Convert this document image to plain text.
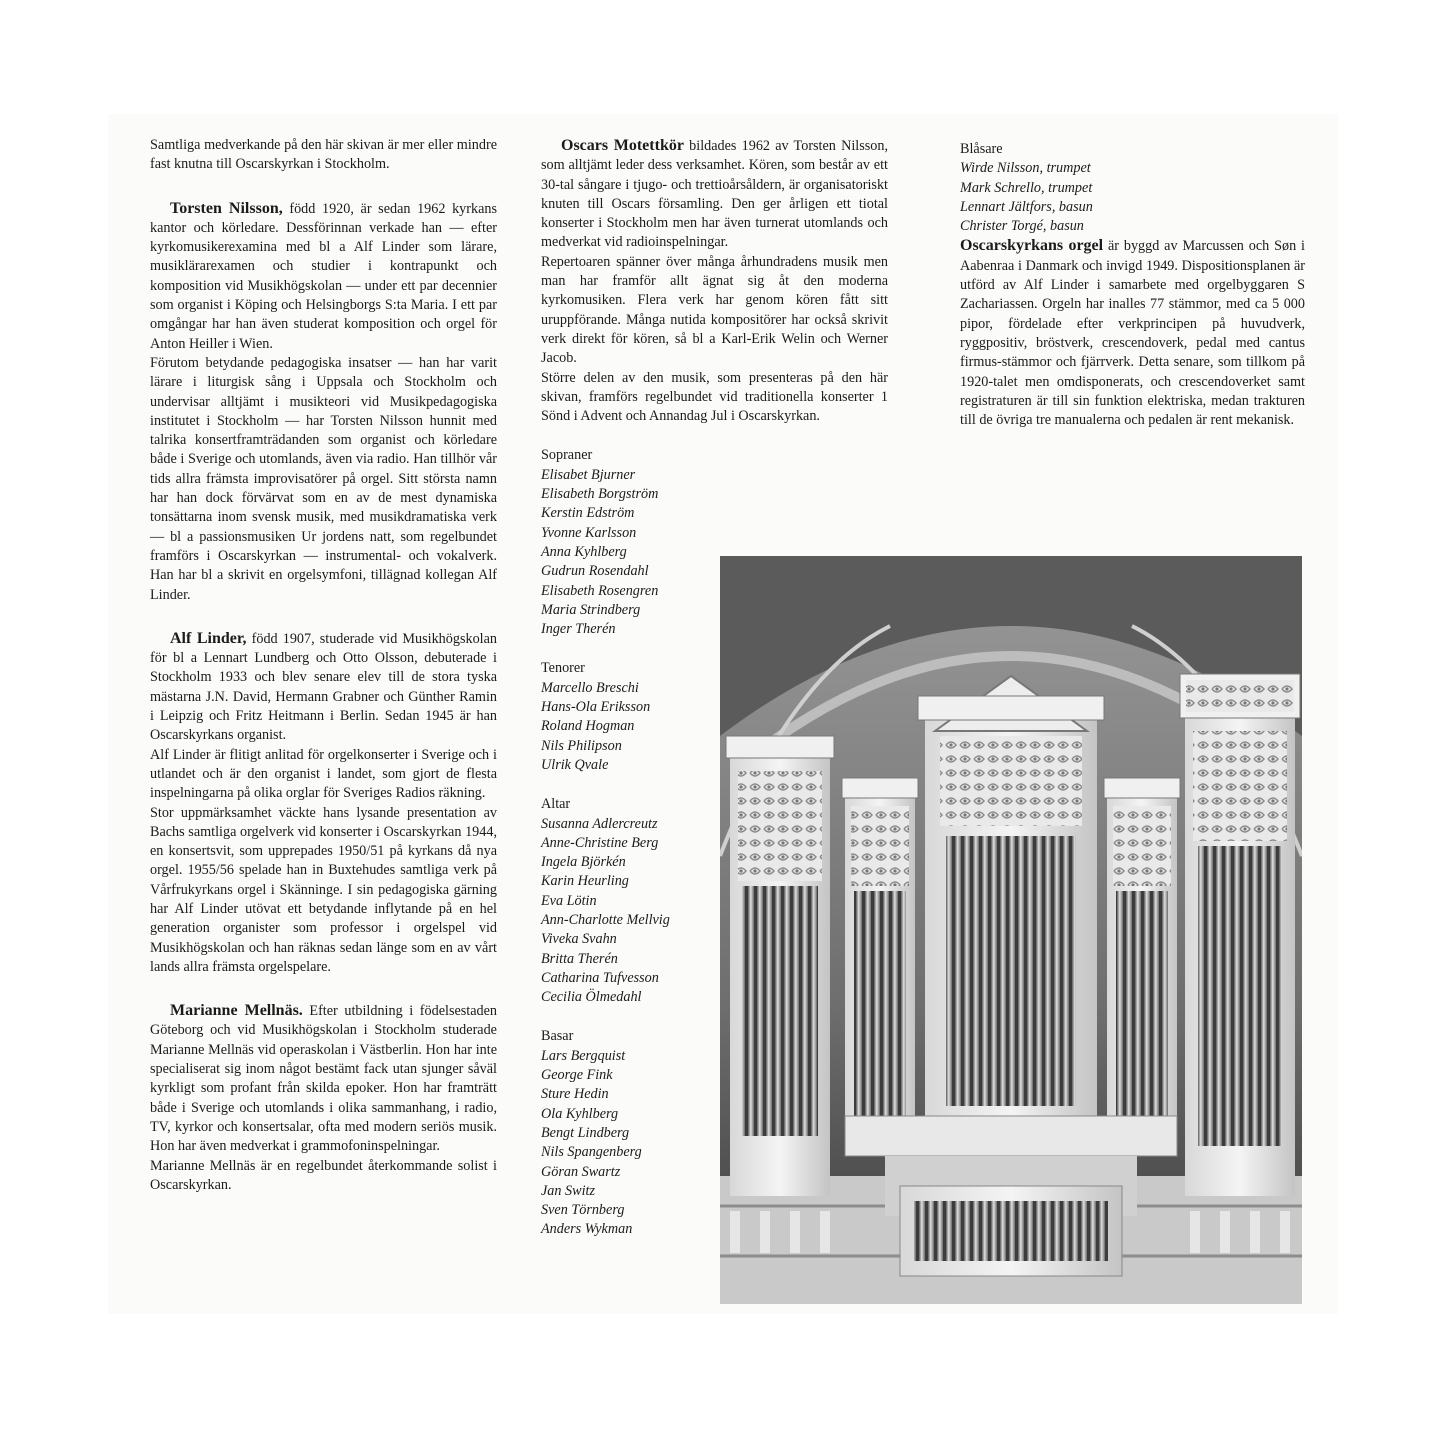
Samtliga medverkande på den här skivan är mer eller mindre fast knutna till Oscarskyrkan i Stockholm.

Torsten Nilsson, född 1920, är sedan 1962 kyrkans kantor och körledare. Dessförinnan verkade han — efter kyrkomusikerexamina med bl a Alf Linder som lärare, musiklärarexamen och studier i kontrapunkt och komposition vid Musikhögskolan — under ett par decennier som organist i Köping och Helsingborgs S:ta Maria. I ett par omgångar har han även studerat komposition och orgel för Anton Heiller i Wien.

Förutom betydande pedagogiska insatser — han har varit lärare i liturgisk sång i Uppsala och Stockholm och undervisar alltjämt i musikteori vid Musikpedagogiska institutet i Stockholm — har Torsten Nilsson hunnit med talrika konsertframträdanden som organist och körledare både i Sverige och utomlands, även via radio. Han tillhör vår tids allra främsta improvisatörer på orgel. Sitt största namn har han dock förvärvat som en av de mest dynamiska tonsättarna inom svensk musik, med musikdramatiska verk — bl a passionsmusiken Ur jordens natt, som regelbundet framförs i Oscarskyrkan — instrumental- och vokalverk. Han har bl a skrivit en orgelsymfoni, tillägnad kollegan Alf Linder.

Alf Linder, född 1907, studerade vid Musikhögskolan för bl a Lennart Lundberg och Otto Olsson, debuterade i Stockholm 1933 och blev senare elev till de stora tyska mästarna J.N. David, Hermann Grabner och Günther Ramin i Leipzig och Fritz Heitmann i Berlin. Sedan 1945 är han Oscarskyrkans organist.

Alf Linder är flitigt anlitad för orgelkonserter i Sverige och i utlandet och är den organist i landet, som gjort de flesta inspelningarna på olika orglar för Sveriges Radios räkning.

Stor uppmärksamhet väckte hans lysande presentation av Bachs samtliga orgelverk vid konserter i Oscarskyrkan 1944, en konsertsvit, som upprepades 1950/51 på kyrkans då nya orgel. 1955/56 spelade han in Buxtehudes samtliga verk på Vårfrukyrkans orgel i Skänninge. I sin pedagogiska gärning har Alf Linder utövat ett betydande inflytande på en hel generation organister som professor i orgelspel vid Musikhögskolan och han räknas sedan länge som en av vårt lands allra främsta orgelspelare.

Marianne Mellnäs. Efter utbildning i födelsestaden Göteborg och vid Musikhögskolan i Stockholm studerade Marianne Mellnäs vid operaskolan i Västberlin. Hon har inte specialiserat sig inom något bestämt fack utan sjunger såväl kyrkligt som profant från skilda epoker. Hon har framträtt både i Sverige och utomlands i olika sammanhang, i radio, TV, kyrkor och konsertsalar, ofta med modern seriös musik. Hon har även medverkat i grammofoninspelningar.

Marianne Mellnäs är en regelbundet återkommande solist i Oscarskyrkan.

Oscars Motettkör bildades 1962 av Torsten Nilsson, som alltjämt leder dess verksamhet. Kören, som består av ett 30-tal sångare i tjugo- och trettioårsåldern, är organisatoriskt knuten till Oscars församling. Den ger årligen ett tiotal konserter i Stockholm men har även turnerat utomlands och medverkat vid radioinspelningar.

Repertoaren spänner över många århundradens musik men man har framför allt ägnat sig åt den moderna kyrkomusiken. Flera verk har genom kören fått sitt uruppförande. Många nutida kompositörer har också skrivit verk direkt för kören, så bl a Karl-Erik Welin och Werner Jacob.

Större delen av den musik, som presenteras på den här skivan, framförs regelbundet vid traditionella konserter 1 Sönd i Advent och Annandag Jul i Oscarskyrkan.

Sopraner

Elisabet Bjurner
Elisabeth Borgström
Kerstin Edström
Yvonne Karlsson
Anna Kyhlberg
Gudrun Rosendahl
Elisabeth Rosengren
Maria Strindberg
Inger Therén

Tenorer

Marcello Breschi
Hans-Ola Eriksson
Roland Hogman
Nils Philipson
Ulrik Qvale

Altar

Susanna Adlercreutz
Anne-Christine Berg
Ingela Björkén
Karin Heurling
Eva Lötin
Ann-Charlotte Mellvig
Viveka Svahn
Britta Therén
Catharina Tufvesson
Cecilia Ölmedahl

Basar

Lars Bergquist
George Fink
Sture Hedin
Ola Kyhlberg
Bengt Lindberg
Nils Spangenberg
Göran Swartz
Jan Switz
Sven Törnberg
Anders Wykman

Blåsare

Wirde Nilsson, trumpet
Mark Schrello, trumpet
Lennart Jältfors, basun
Christer Torgé, basun

Oscarskyrkans orgel är byggd av Marcussen och Søn i Aabenraa i Danmark och invigd 1949. Dispositionsplanen är utförd av Alf Linder i samarbete med orgelbyggaren S Zachariassen. Orgeln har inalles 77 stämmor, med ca 5 000 pipor, fördelade efter verkprincipen på huvudverk, ryggpositiv, bröstverk, crescendoverk, pedal med cantus firmus-stämmor och fjärrverk. Detta senare, som tillkom på 1920-talet men omdisponerats, och crescendoverket samt registraturen är till sin funktion elektriska, medan trakturen till de övriga tre manualerna och pedalen är rent mekanisk.
